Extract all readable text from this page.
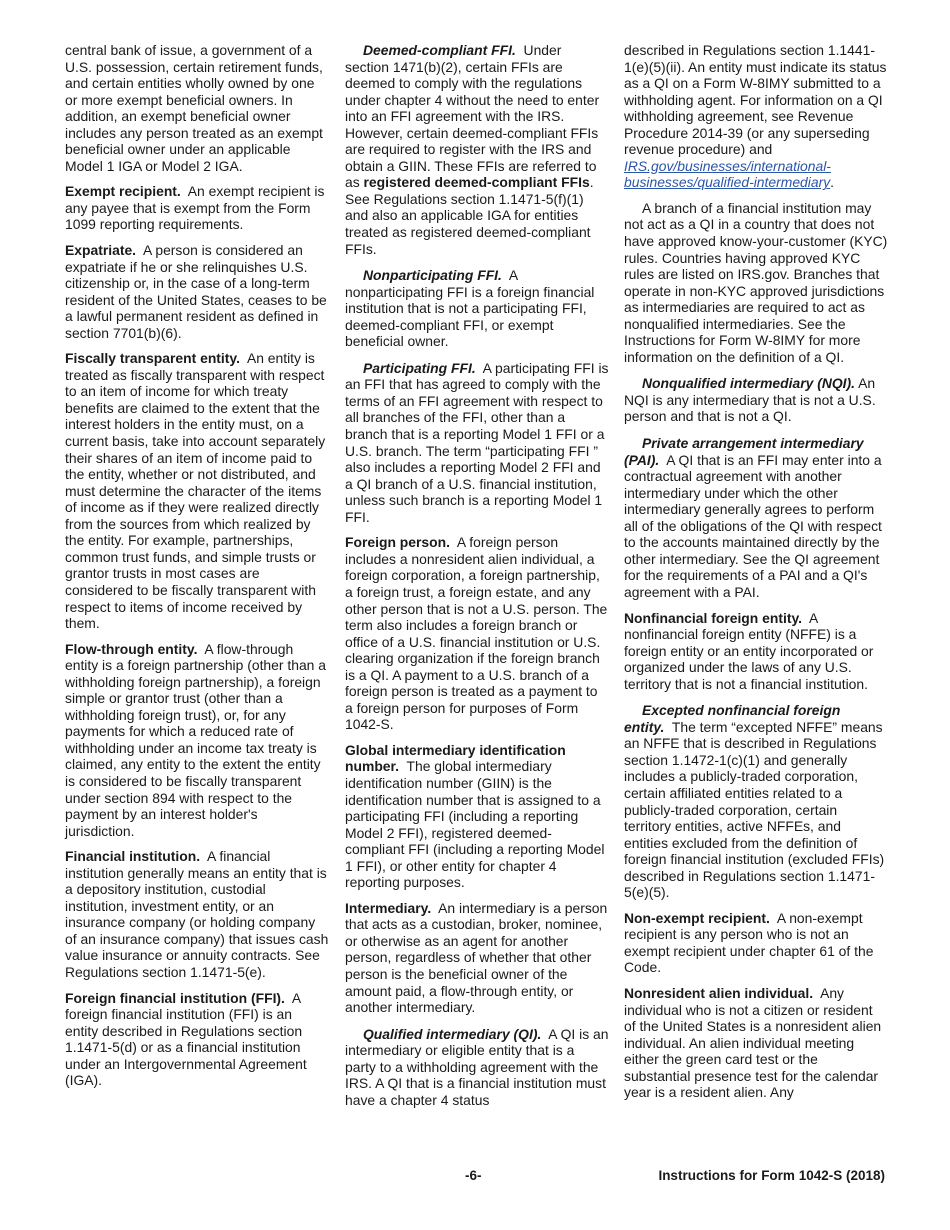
central bank of issue, a government of a U.S. possession, certain retirement funds, and certain entities wholly owned by one or more exempt beneficial owners. In addition, an exempt beneficial owner includes any person treated as an exempt beneficial owner under an applicable Model 1 IGA or Model 2 IGA.

Exempt recipient. An exempt recipient is any payee that is exempt from the Form 1099 reporting requirements.

Expatriate. A person is considered an expatriate if he or she relinquishes U.S. citizenship or, in the case of a long-term resident of the United States, ceases to be a lawful permanent resident as defined in section 7701(b)(6).

Fiscally transparent entity. An entity is treated as fiscally transparent with respect to an item of income for which treaty benefits are claimed to the extent that the interest holders in the entity must, on a current basis, take into account separately their shares of an item of income paid to the entity, whether or not distributed, and must determine the character of the items of income as if they were realized directly from the sources from which realized by the entity. For example, partnerships, common trust funds, and simple trusts or grantor trusts in most cases are considered to be fiscally transparent with respect to items of income received by them.

Flow-through entity. A flow-through entity is a foreign partnership (other than a withholding foreign partnership), a foreign simple or grantor trust (other than a withholding foreign trust), or, for any payments for which a reduced rate of withholding under an income tax treaty is claimed, any entity to the extent the entity is considered to be fiscally transparent under section 894 with respect to the payment by an interest holder's jurisdiction.

Financial institution. A financial institution generally means an entity that is a depository institution, custodial institution, investment entity, or an insurance company (or holding company of an insurance company) that issues cash value insurance or annuity contracts. See Regulations section 1.1471-5(e).

Foreign financial institution (FFI). A foreign financial institution (FFI) is an entity described in Regulations section 1.1471-5(d) or as a financial institution under an Intergovernmental Agreement (IGA).

Deemed-compliant FFI. Under section 1471(b)(2), certain FFIs are deemed to comply with the regulations under chapter 4 without the need to enter into an FFI agreement with the IRS. However, certain deemed-compliant FFIs are required to register with the IRS and obtain a GIIN. These FFIs are referred to as registered deemed-compliant FFIs. See Regulations section 1.1471-5(f)(1) and also an applicable IGA for entities treated as registered deemed-compliant FFIs.

Nonparticipating FFI. A nonparticipating FFI is a foreign financial institution that is not a participating FFI, deemed-compliant FFI, or exempt beneficial owner.

Participating FFI. A participating FFI is an FFI that has agreed to comply with the terms of an FFI agreement with respect to all branches of the FFI, other than a branch that is a reporting Model 1 FFI or a U.S. branch. The term “participating FFI ” also includes a reporting Model 2 FFI and a QI branch of a U.S. financial institution, unless such branch is a reporting Model 1 FFI.

Foreign person. A foreign person includes a nonresident alien individual, a foreign corporation, a foreign partnership, a foreign trust, a foreign estate, and any other person that is not a U.S. person. The term also includes a foreign branch or office of a U.S. financial institution or U.S. clearing organization if the foreign branch is a QI. A payment to a U.S. branch of a foreign person is treated as a payment to a foreign person for purposes of Form 1042-S.

Global intermediary identification number. The global intermediary identification number (GIIN) is the identification number that is assigned to a participating FFI (including a reporting Model 2 FFI), registered deemed-compliant FFI (including a reporting Model 1 FFI), or other entity for chapter 4 reporting purposes.

Intermediary. An intermediary is a person that acts as a custodian, broker, nominee, or otherwise as an agent for another person, regardless of whether that other person is the beneficial owner of the amount paid, a flow-through entity, or another intermediary.

Qualified intermediary (QI). A QI is an intermediary or eligible entity that is a party to a withholding agreement with the IRS. A QI that is a financial institution must have a chapter 4 status

described in Regulations section 1.1441-1(e)(5)(ii). An entity must indicate its status as a QI on a Form W-8IMY submitted to a withholding agent. For information on a QI withholding agreement, see Revenue Procedure 2014-39 (or any superseding revenue procedure) and IRS.gov/businesses/international-businesses/qualified-intermediary.

A branch of a financial institution may not act as a QI in a country that does not have approved know-your-customer (KYC) rules. Countries having approved KYC rules are listed on IRS.gov. Branches that operate in non-KYC approved jurisdictions as intermediaries are required to act as nonqualified intermediaries. See the Instructions for Form W-8IMY for more information on the definition of a QI.

Nonqualified intermediary (NQI). An NQI is any intermediary that is not a U.S. person and that is not a QI.

Private arrangement intermediary (PAI). A QI that is an FFI may enter into a contractual agreement with another intermediary under which the other intermediary generally agrees to perform all of the obligations of the QI with respect to the accounts maintained directly by the other intermediary. See the QI agreement for the requirements of a PAI and a QI's agreement with a PAI.

Nonfinancial foreign entity. A nonfinancial foreign entity (NFFE) is a foreign entity or an entity incorporated or organized under the laws of any U.S. territory that is not a financial institution.

Excepted nonfinancial foreign entity. The term “excepted NFFE” means an NFFE that is described in Regulations section 1.1472-1(c)(1) and generally includes a publicly-traded corporation, certain affiliated entities related to a publicly-traded corporation, certain territory entities, active NFFEs, and entities excluded from the definition of foreign financial institution (excluded FFIs) described in Regulations section 1.1471-5(e)(5).

Non-exempt recipient. A non-exempt recipient is any person who is not an exempt recipient under chapter 61 of the Code.

Nonresident alien individual. Any individual who is not a citizen or resident of the United States is a nonresident alien individual. An alien individual meeting either the green card test or the substantial presence test for the calendar year is a resident alien. Any

-6-	Instructions for Form 1042-S (2018)
